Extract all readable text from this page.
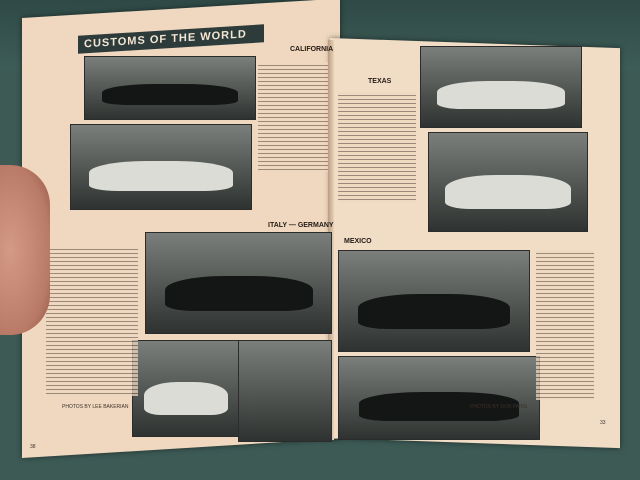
CUSTOMS OF THE WORLD	CALIFORNIA
TEXAS
ITALY — GERMANY
MEXICO
PHOTOS BY LEE BAKERIAN	PHOTOS BY DON PARIS
38
33
